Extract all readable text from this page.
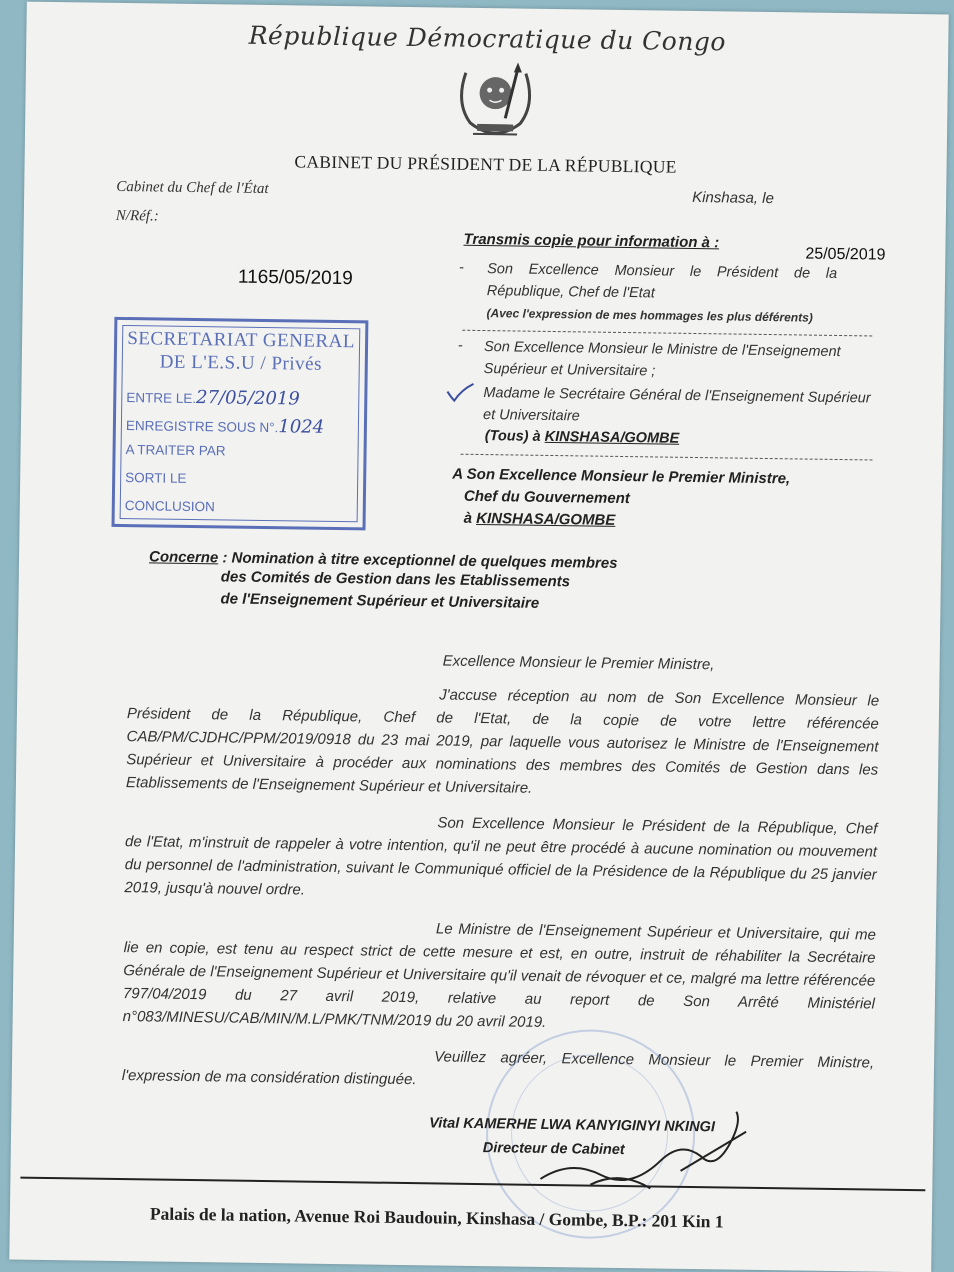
République Démocratique du Congo
CABINET DU PRÉSIDENT DE LA RÉPUBLIQUE
Cabinet du Chef de l'État
N/Réf.:
Kinshasa, le
1165/05/2019
Transmis copie pour information à :
25/05/2019
- Son Excellence Monsieur le Président de la
République, Chef de l'Etat
(Avec l'expression de mes hommages les plus déférents)
- Son Excellence Monsieur le Ministre de l'Enseignement
Supérieur et Universitaire ;
Madame le Secrétaire Général de l'Enseignement Supérieur
et Universitaire
(Tous) à KINSHASA/GOMBE
A Son Excellence Monsieur le Premier Ministre,
Chef du Gouvernement
à KINSHASA/GOMBE
SECRETARIAT GENERAL
DE L'E.S.U / Privés
ENTRE LE.27/05/2019
ENREGISTRE SOUS N°.1024
A TRAITER PAR
SORTI LE
CONCLUSION
Concerne : Nomination à titre exceptionnel de quelques membres
des Comités de Gestion dans les Etablissements
de l'Enseignement Supérieur et Universitaire
Excellence Monsieur le Premier Ministre,
J'accuse réception au nom de Son Excellence Monsieur le
Président de la République, Chef de l'Etat, de la copie de votre lettre référencée CAB/PM/CJDHC/PPM/2019/0918 du 23 mai 2019, par laquelle vous autorisez le Ministre de l'Enseignement Supérieur et Universitaire à procéder aux nominations des membres des Comités de Gestion dans les Etablissements de l'Enseignement Supérieur et Universitaire.
Son Excellence Monsieur le Président de la République, Chef
de l'Etat, m'instruit de rappeler à votre intention, qu'il ne peut être procédé à aucune nomination ou mouvement du personnel de l'administration, suivant le Communiqué officiel de la Présidence de la République du 25 janvier 2019, jusqu'à nouvel ordre.
Le Ministre de l'Enseignement Supérieur et Universitaire, qui me
lie en copie, est tenu au respect strict de cette mesure et est, en outre, instruit de réhabiliter la Secrétaire Générale de l'Enseignement Supérieur et Universitaire qu'il venait de révoquer et ce, malgré ma lettre référencée 797/04/2019 du 27 avril 2019, relative au report de Son Arrêté Ministériel n°083/MINESU/CAB/MIN/M.L/PMK/TNM/2019 du 20 avril 2019.
Veuillez agréer, Excellence Monsieur le Premier Ministre,
l'expression de ma considération distinguée.
Vital KAMERHE LWA KANYIGINYI NKINGI
Directeur de Cabinet
Palais de la nation, Avenue Roi Baudouin, Kinshasa / Gombe, B.P.: 201 Kin 1
